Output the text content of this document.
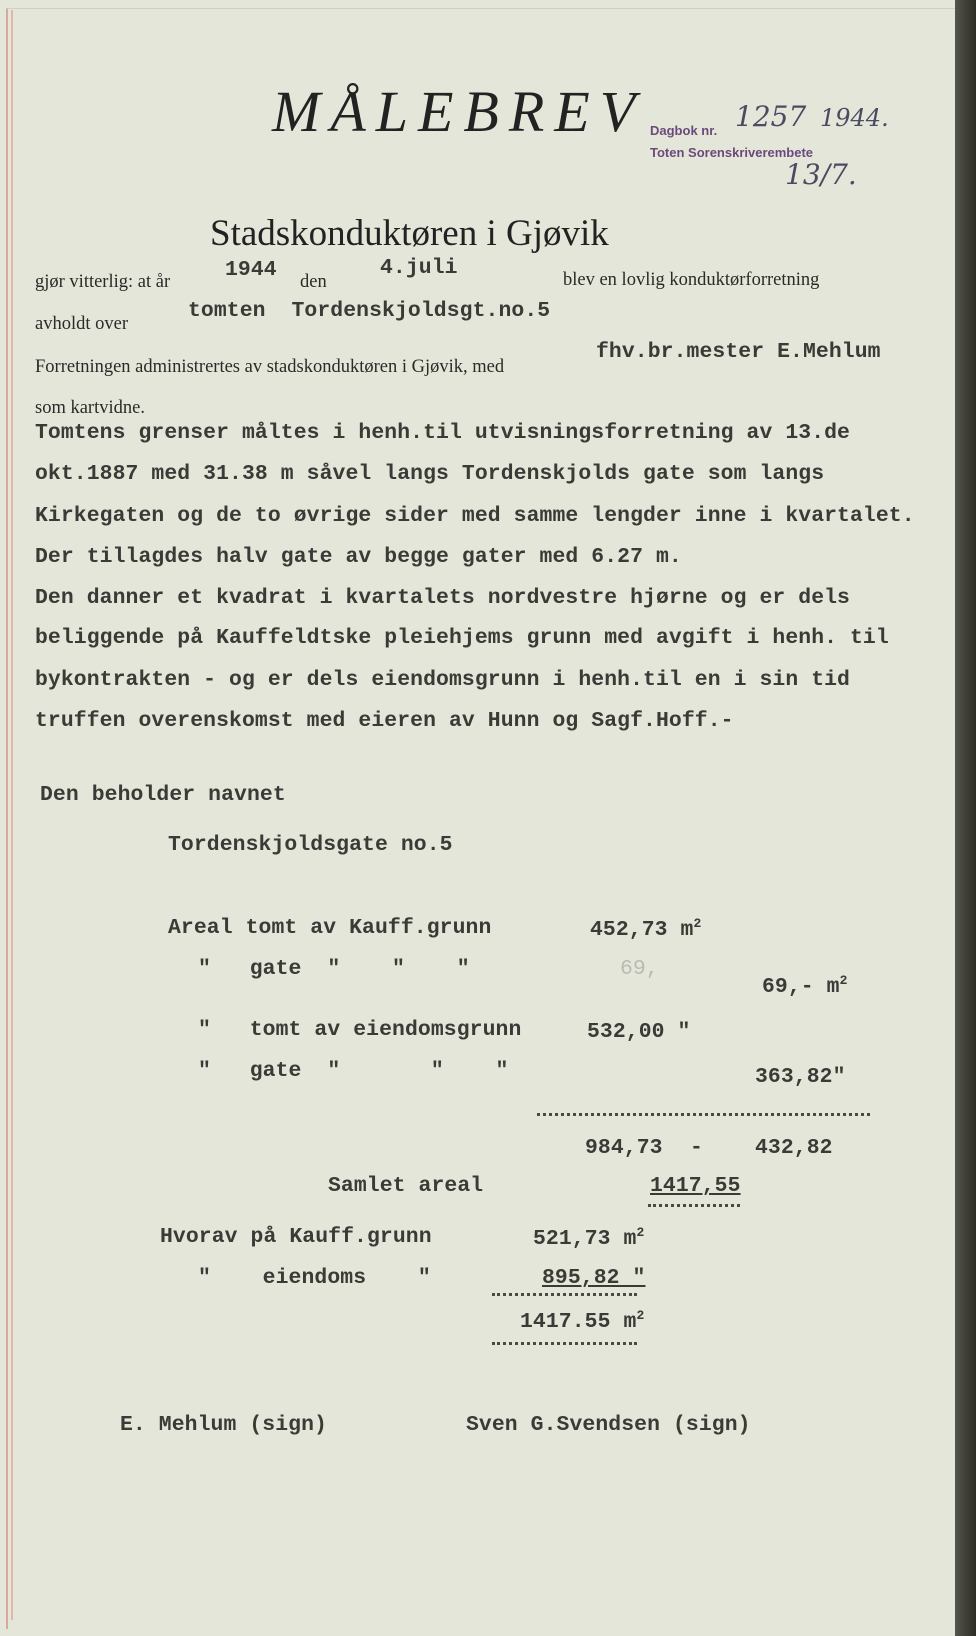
MÅLEBREV Dagbok nr. 1257 1944.
Toten Sorenskriverembete
13/7.
Stadskonduktøren i Gjøvik
gjør vitterlig: at år	1944 den
4.juli	blev en lovlig konduktørforretning
avholdt over
tomten  Tordenskjoldsgt.no.5
Forretningen administrertes av stadskonduktøren i Gjøvik, med
fhv.br.mester E.Mehlum
som kartvidne.
Tomtens grenser måltes i henh.til utvisningsforretning av 13.de
okt.1887 med 31.38 m såvel langs Tordenskjolds gate som langs
Kirkegaten og de to øvrige sider med samme lengder inne i kvartalet.
Der tillagdes halv gate av begge gater med 6.27 m.
Den danner et kvadrat i kvartalets nordvestre hjørne og er dels
beliggende på Kauffeldtske pleiehjems grunn med avgift i henh. til
bykontrakten - og er dels eiendomsgrunn i henh.til en i sin tid
truffen overenskomst med eieren av Hunn og Sagf.Hoff.-
Den beholder navnet
Tordenskjoldsgate no.5
Areal tomt av Kauff.grunn	452,73 $m^2$
"   gate  "    "    "	69,
69,- $m^2$
"   tomt av eiendomsgrunn	532,00 "
"   gate  "       "    "	363,82"
984,73 - 432,82
Samlet areal	1417,55
Hvorav på Kauff.grunn	521,73 $m^2$
"    eiendoms    "	895,82 "
1417.55 $m^2$
E. Mehlum (sign)	Sven G.Svendsen (sign)
